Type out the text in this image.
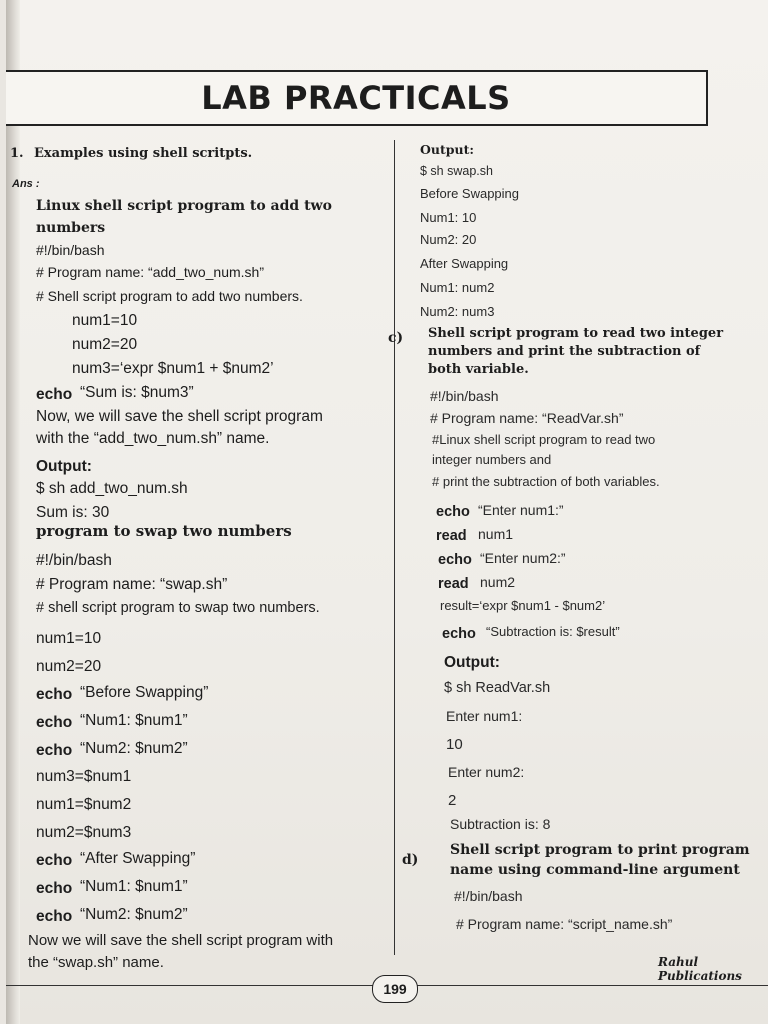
LAB PRACTICALS
1. Examples using shell scritpts.
Ans :
Linux shell script program to add two
numbers
#!/bin/bash
# Program name: “add_two_num.sh”
# Shell script program to add two numbers.
num1=10
num2=20
num3=‘expr $num1 + $num2’
echo “Sum is: $num3”
Now, we will save the shell script program
with the “add_two_num.sh” name.
Output:
$ sh add_two_num.sh
Sum is: 30
program to swap two numbers
#!/bin/bash
# Program name: “swap.sh”
# shell script program to swap two numbers.
num1=10
num2=20
echo “Before Swapping”
echo “Num1: $num1”
echo “Num2: $num2”
num3=$num1
num1=$num2
num2=$num3
echo “After Swapping”
echo “Num1: $num1”
echo “Num2: $num2”
Now we will save the shell script program with
the “swap.sh” name.
Output:
$ sh swap.sh
Before Swapping
Num1: 10
Num2: 20
After Swapping
Num1: num2
Num2: num3
c) Shell script program to read two integer
numbers and print the subtraction of
both variable.
#!/bin/bash
# Program name: “ReadVar.sh”
#Linux shell script program to read two
integer numbers and
# print the subtraction of both variables.
echo “Enter num1:”
read num1
echo “Enter num2:”
read num2
result=‘expr $num1 - $num2’
echo “Subtraction is: $result”
Output:
$ sh ReadVar.sh
Enter num1:
10
Enter num2:
2
Subtraction is: 8
d)
Shell script program to print program
name using command-line argument
#!/bin/bash
# Program name: “script_name.sh”
199
Rahul Publications
